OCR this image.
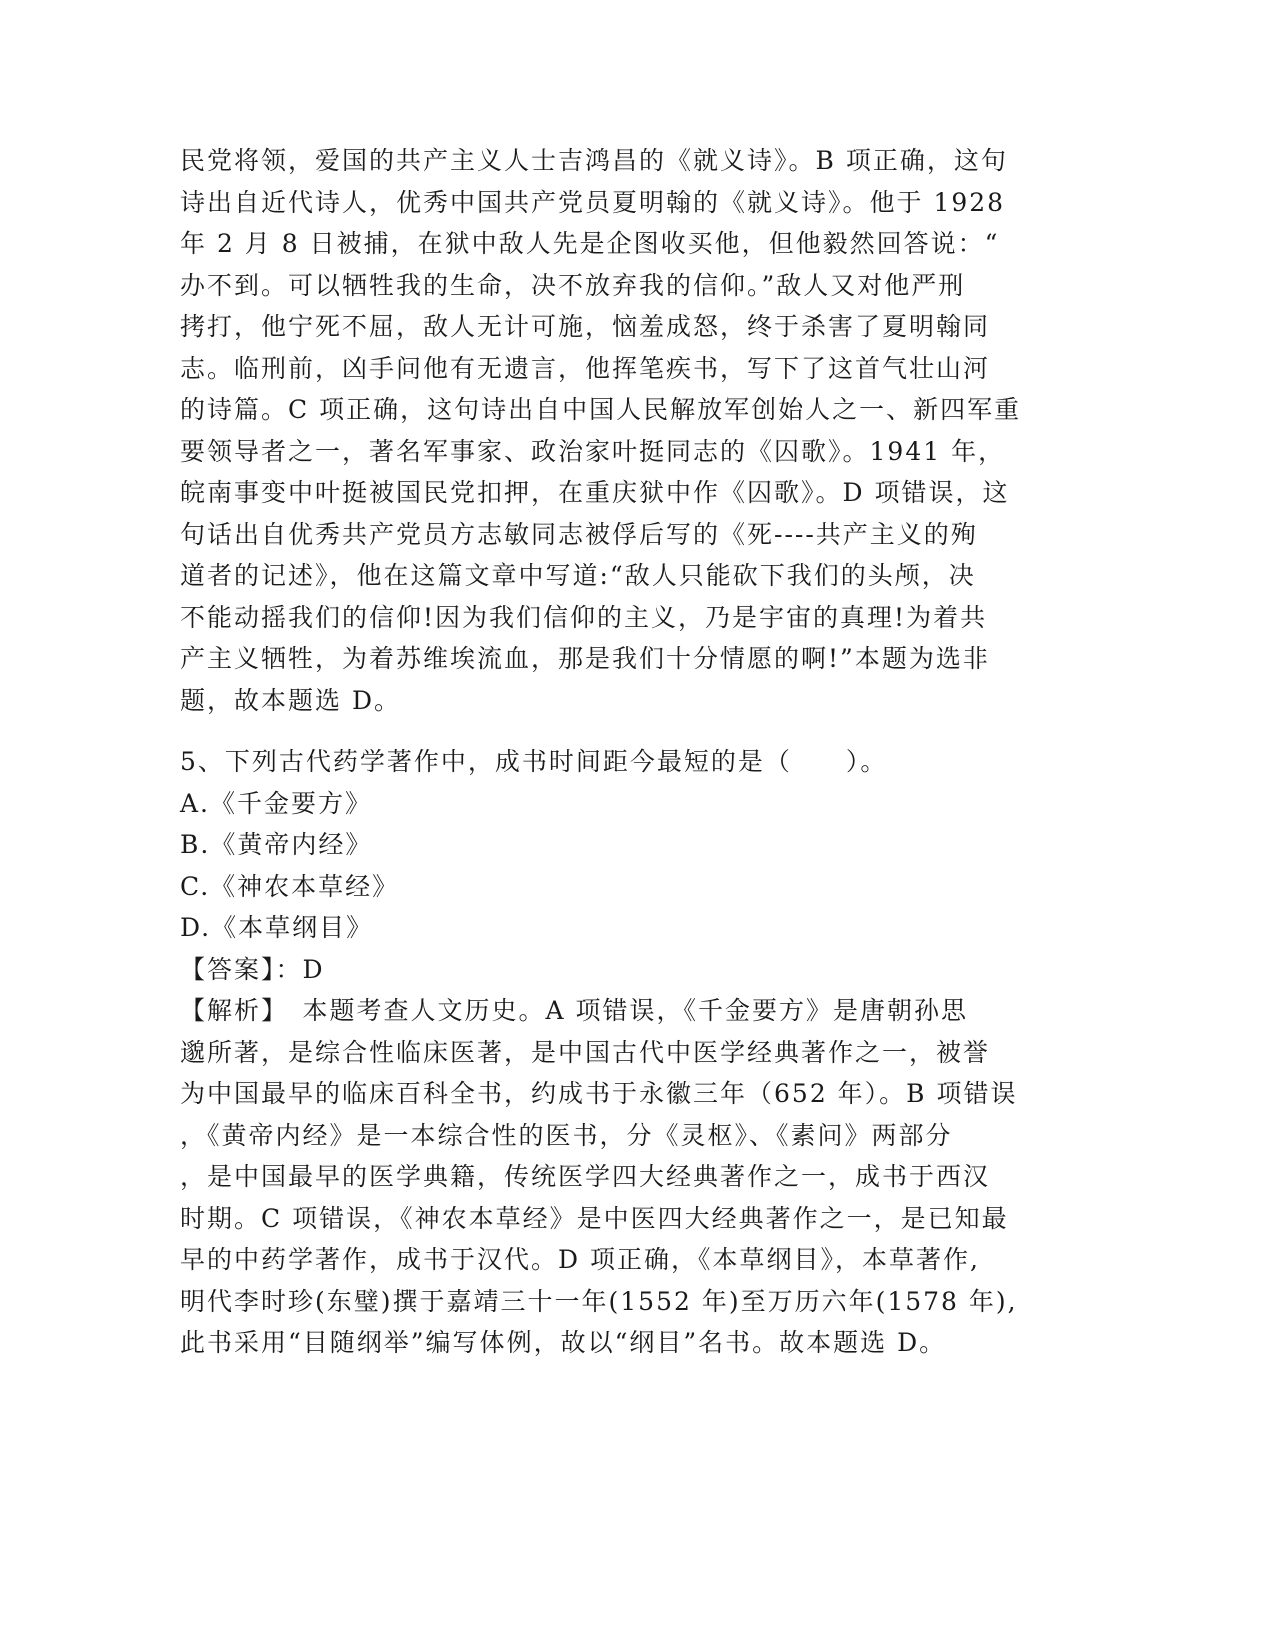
民党将领，爱国的共产主义人士吉鸿昌的《就义诗》。B 项正确，这句
诗出自近代诗人，优秀中国共产党员夏明翰的《就义诗》。他于 1928
年 2 月 8 日被捕，在狱中敌人先是企图收买他，但他毅然回答说：“
办不到。可以牺牲我的生命，决不放弃我的信仰。”敌人又对他严刑
拷打，他宁死不屈，敌人无计可施，恼羞成怒，终于杀害了夏明翰同
志。临刑前，凶手问他有无遗言，他挥笔疾书，写下了这首气壮山河
的诗篇。C 项正确，这句诗出自中国人民解放军创始人之一、新四军重
要领导者之一，著名军事家、政治家叶挺同志的《囚歌》。1941 年，
皖南事变中叶挺被国民党扣押，在重庆狱中作《囚歌》。D 项错误，这
句话出自优秀共产党员方志敏同志被俘后写的《死----共产主义的殉
道者的记述》，他在这篇文章中写道:“敌人只能砍下我们的头颅，决
不能动摇我们的信仰!因为我们信仰的主义，乃是宇宙的真理!为着共
产主义牺牲，为着苏维埃流血，那是我们十分情愿的啊!”本题为选非
题，故本题选 D。
5、下列古代药学著作中，成书时间距今最短的是（　　）。
A.《千金要方》
B.《黄帝内经》
C.《神农本草经》
D.《本草纲目》
【答案】：D
【解析】　本题考查人文历史。A 项错误，《千金要方》是唐朝孙思
邈所著，是综合性临床医著，是中国古代中医学经典著作之一，被誉
为中国最早的临床百科全书，约成书于永徽三年（652 年）。B 项错误
，《黄帝内经》是一本综合性的医书，分《灵枢》、《素问》两部分
，是中国最早的医学典籍，传统医学四大经典著作之一，成书于西汉
时期。C 项错误，《神农本草经》是中医四大经典著作之一，是已知最
早的中药学著作，成书于汉代。D 项正确，《本草纲目》，本草著作,
明代李时珍(东璧)撰于嘉靖三十一年(1552 年)至万历六年(1578 年),
此书采用“目随纲举”编写体例，故以“纲目”名书。故本题选 D。
